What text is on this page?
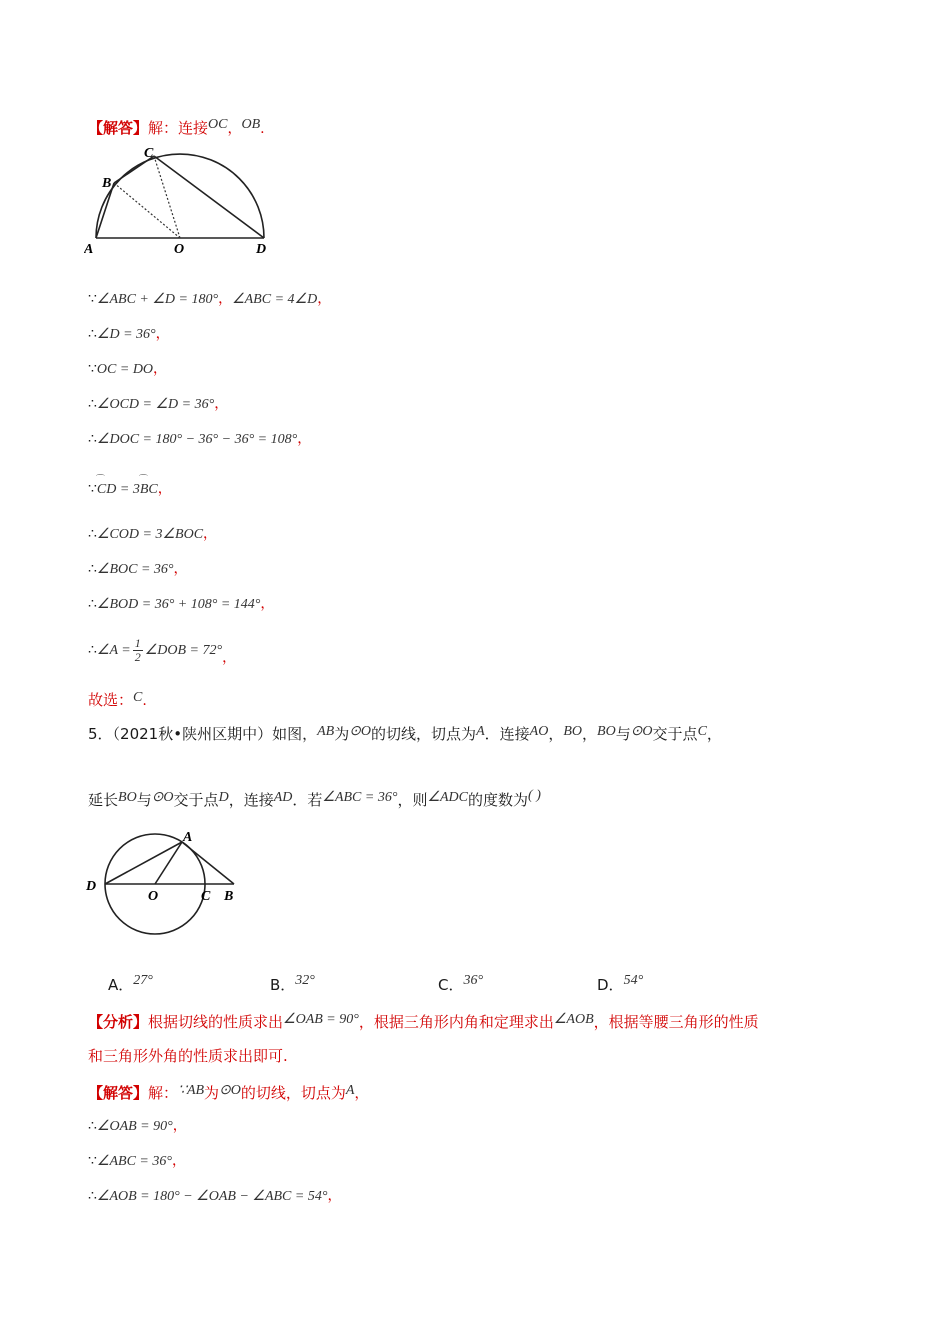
【解答】解：连接OC，OB.
A
B
C
O	D
∵∠ABC + ∠D = 180°，∠ABC = 4∠D，
∴∠D = 36°，
∵OC = DO，
∴∠OCD = ∠D = 36°，
∴∠DOC = 180° − 36° − 36° = 108°，
∵⌒ CD = 3⌒ BC，
∴∠COD = 3∠BOC，
∴∠BOC = 36°，
∴∠BOD = 36° + 108° = 144°，
∴∠A = $\frac{1}{2}$ ∠DOB = 72°，
故选：C.
5．（2021秋•陕州区期中）如图，AB为⊙O的切线，切点为A．连接AO，BO，BO与⊙O交于点C，
延长BO与⊙O交于点D，连接AD．若∠ABC = 36°，则∠ADC的度数为( )
A
D
O	C B
A．27°	B．32°	C．36°	D．54°
【分析】根据切线的性质求出∠OAB = 90°，根据三角形内角和定理求出∠AOB，根据等腰三角形的性质
和三角形外角的性质求出即可.
【解答】解：∵AB为⊙O的切线，切点为A，
∴∠OAB = 90°，
∵∠ABC = 36°，
∴∠AOB = 180° − ∠OAB − ∠ABC = 54°，
